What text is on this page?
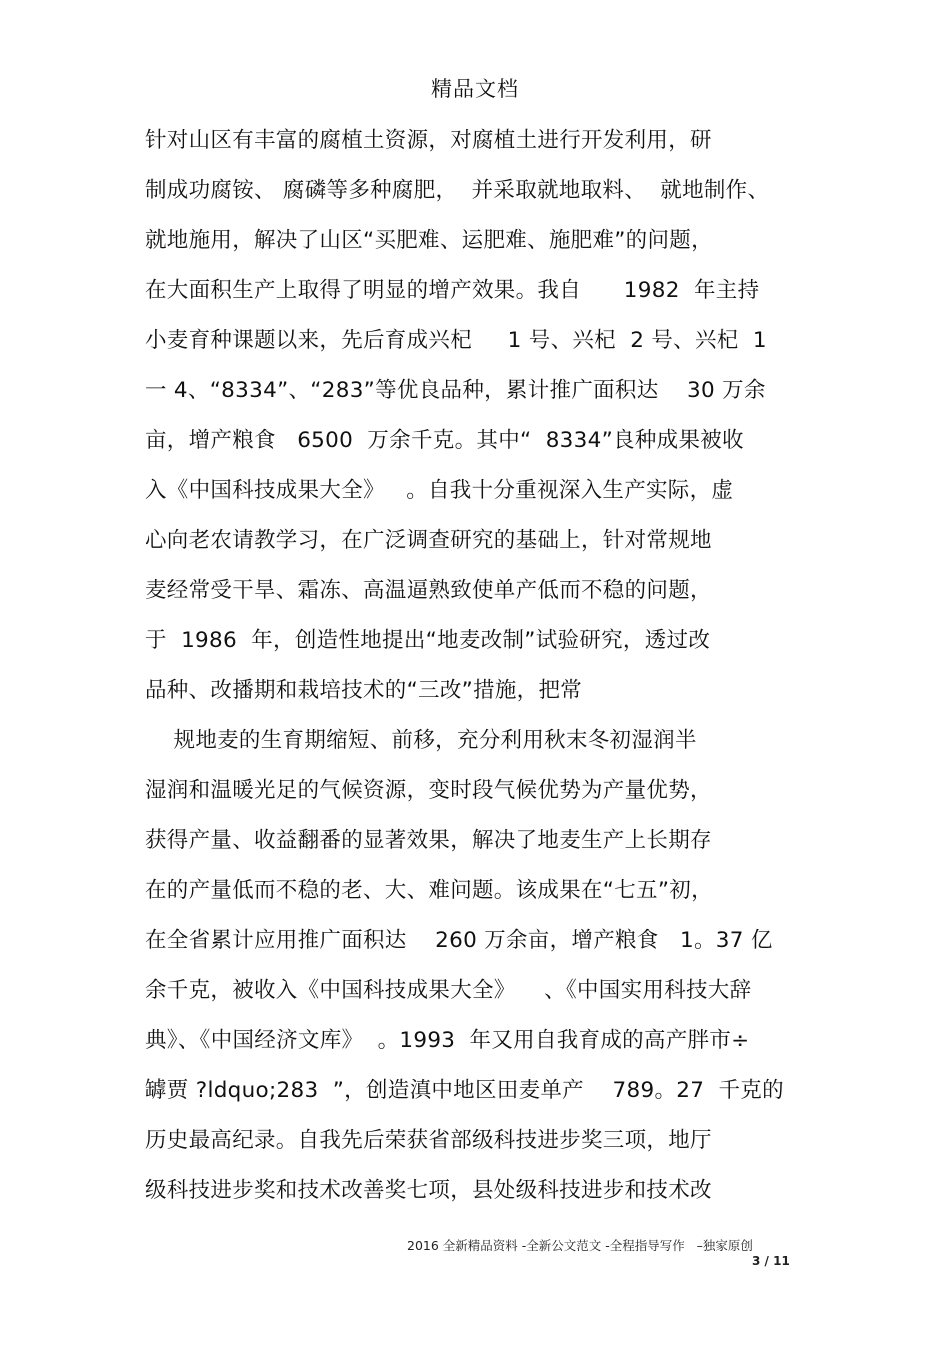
精品文档
针对山区有丰富的腐植土资源，对腐植土进行开发利用，研
制成功腐铵、 腐磷等多种腐肥，  并采取就地取料、  就地制作、
就地施用，解决了山区“买肥难、运肥难、施肥难”的问题，
在大面积生产上取得了明显的增产效果。我自      1982  年主持
小麦育种课题以来，先后育成兴杞     1 号、兴杞  2 号、兴杞  1
一 4、“8334”、“283”等优良品种，累计推广面积达    30 万余
亩，增产粮食   6500  万余千克。其中“  8334”良种成果被收
入《中国科技成果大全》   。自我十分重视深入生产实际，虚
心向老农请教学习，在广泛调查研究的基础上，针对常规地
麦经常受干旱、霜冻、高温逼熟致使单产低而不稳的问题，
于  1986  年，创造性地提出“地麦改制”试验研究，透过改
品种、改播期和栽培技术的“三改”措施，把常
规地麦的生育期缩短、前移，充分利用秋末冬初湿润半
湿润和温暖光足的气候资源，变时段气候优势为产量优势，
获得产量、收益翻番的显著效果，解决了地麦生产上长期存
在的产量低而不稳的老、大、难问题。该成果在“七五”初，
在全省累计应用推广面积达    260 万余亩，增产粮食   1。37 亿
余千克，被收入《中国科技成果大全》    、《中国实用科技大辞
典》、《中国经济文库》  。1993  年又用自我育成的高产胖市÷
罅贾 ?ldquo;283  ”，创造滇中地区田麦单产    789。27  千克的
历史最高纪录。自我先后荣获省部级科技进步奖三项，地厅
级科技进步奖和技术改善奖七项，县处级科技进步和技术改
2016 全新精品资料 -全新公文范文 -全程指导写作   –独家原创
3 / 11
